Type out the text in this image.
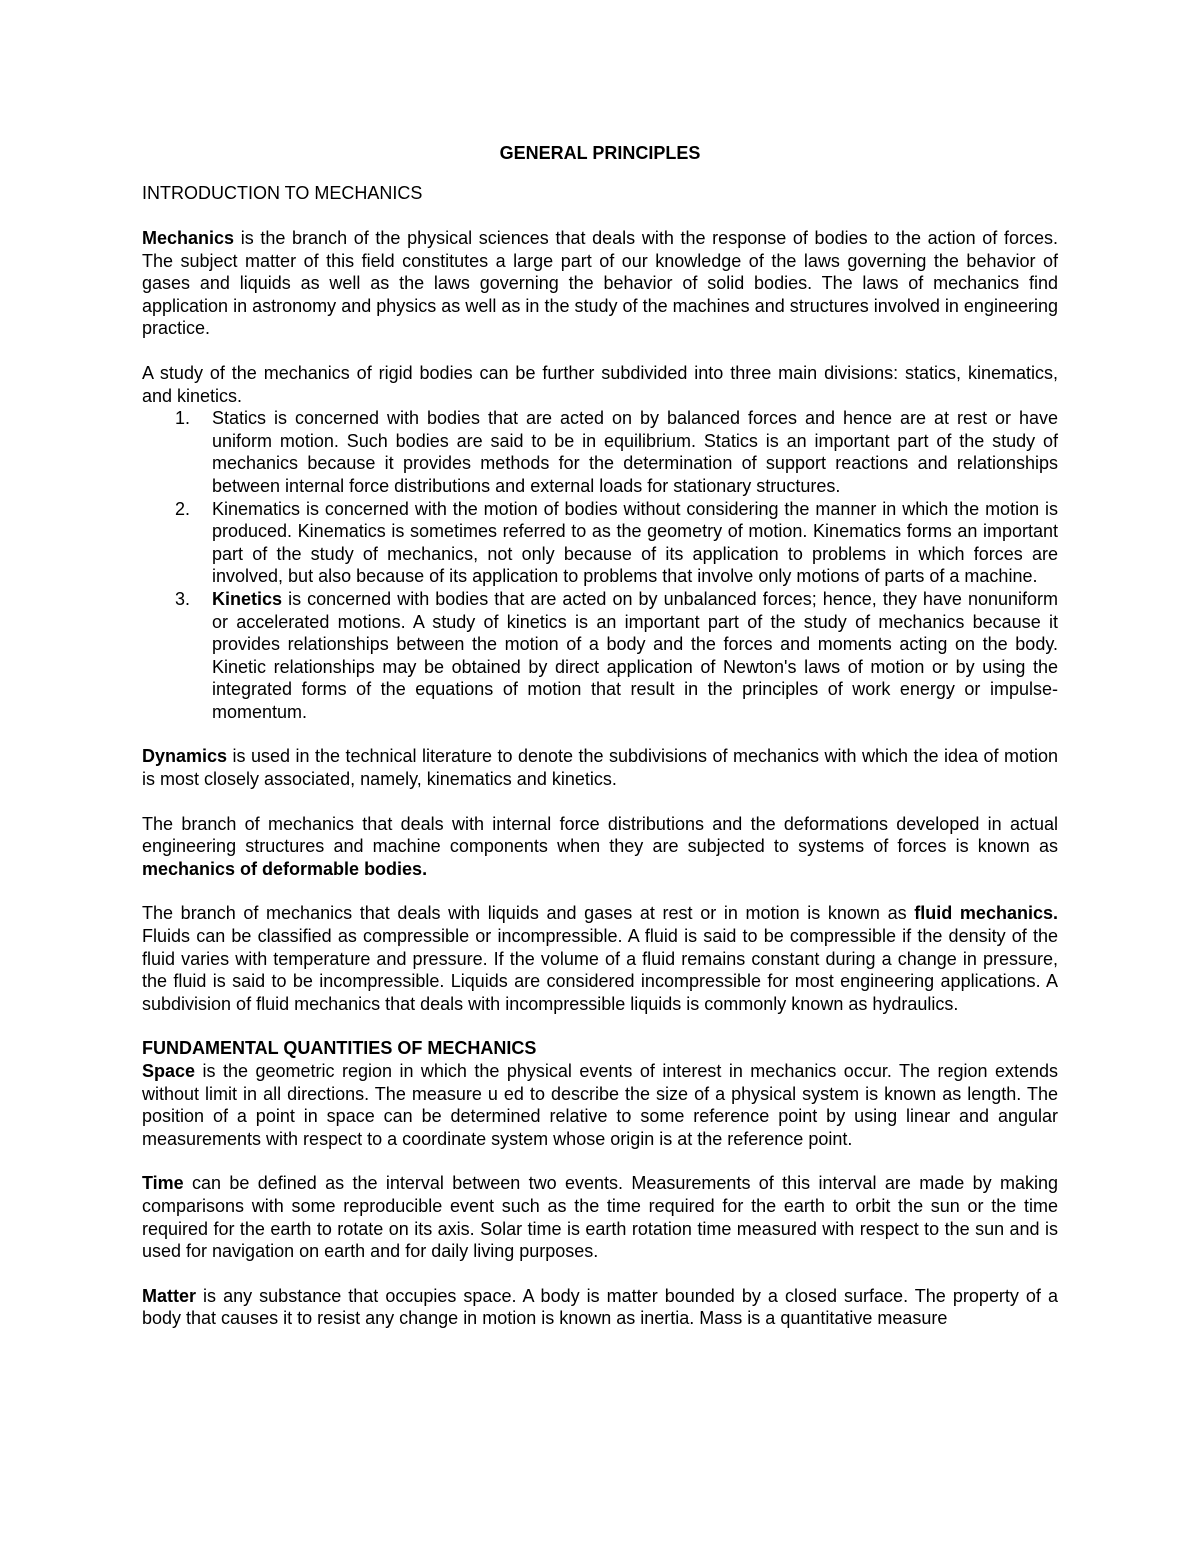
GENERAL PRINCIPLES
INTRODUCTION TO MECHANICS

Mechanics is the branch of the physical sciences that deals with the response of bodies to the action of forces. The subject matter of this field constitutes a large part of our knowledge of the laws governing the behavior of gases and liquids as well as the laws governing the behavior of solid bodies. The laws of mechanics find application in astronomy and physics as well as in the study of the machines and structures involved in engineering practice.

A study of the mechanics of rigid bodies can be further subdivided into three main divisions: statics, kinematics, and kinetics.

1. Statics is concerned with bodies that are acted on by balanced forces and hence are at rest or have uniform motion. Such bodies are said to be in equilibrium. Statics is an important part of the study of mechanics because it provides methods for the determination of support reactions and relationships between internal force distributions and external loads for stationary structures.
2. Kinematics is concerned with the motion of bodies without considering the manner in which the motion is produced. Kinematics is sometimes referred to as the geometry of motion. Kinematics forms an important part of the study of mechanics, not only because of its application to problems in which forces are involved, but also because of its application to problems that involve only motions of parts of a machine.
3. Kinetics is concerned with bodies that are acted on by unbalanced forces; hence, they have nonuniform or accelerated motions. A study of kinetics is an important part of the study of mechanics because it provides relationships between the motion of a body and the forces and moments acting on the body. Kinetic relationships may be obtained by direct application of Newton's laws of motion or by using the integrated forms of the equations of motion that result in the principles of work energy or impulse-momentum.

Dynamics is used in the technical literature to denote the subdivisions of mechanics with which the idea of motion is most closely associated, namely, kinematics and kinetics.

The branch of mechanics that deals with internal force distributions and the deformations developed in actual engineering structures and machine components when they are subjected to systems of forces is known as mechanics of deformable bodies.

The branch of mechanics that deals with liquids and gases at rest or in motion is known as fluid mechanics. Fluids can be classified as compressible or incompressible. A fluid is said to be compressible if the density of the fluid varies with temperature and pressure. If the volume of a fluid remains constant during a change in pressure, the fluid is said to be incompressible. Liquids are considered incompressible for most engineering applications. A subdivision of fluid mechanics that deals with incompressible liquids is commonly known as hydraulics.

FUNDAMENTAL QUANTITIES OF MECHANICS

Space is the geometric region in which the physical events of interest in mechanics occur. The region extends without limit in all directions. The measure u ed to describe the size of a physical system is known as length. The position of a point in space can be determined relative to some reference point by using linear and angular measurements with respect to a coordinate system whose origin is at the reference point.

Time can be defined as the interval between two events. Measurements of this interval are made by making comparisons with some reproducible event such as the time required for the earth to orbit the sun or the time required for the earth to rotate on its axis. Solar time is earth rotation time measured with respect to the sun and is used for navigation on earth and for daily living purposes.

Matter is any substance that occupies space. A body is matter bounded by a closed surface. The property of a body that causes it to resist any change in motion is known as inertia. Mass is a quantitative measure
